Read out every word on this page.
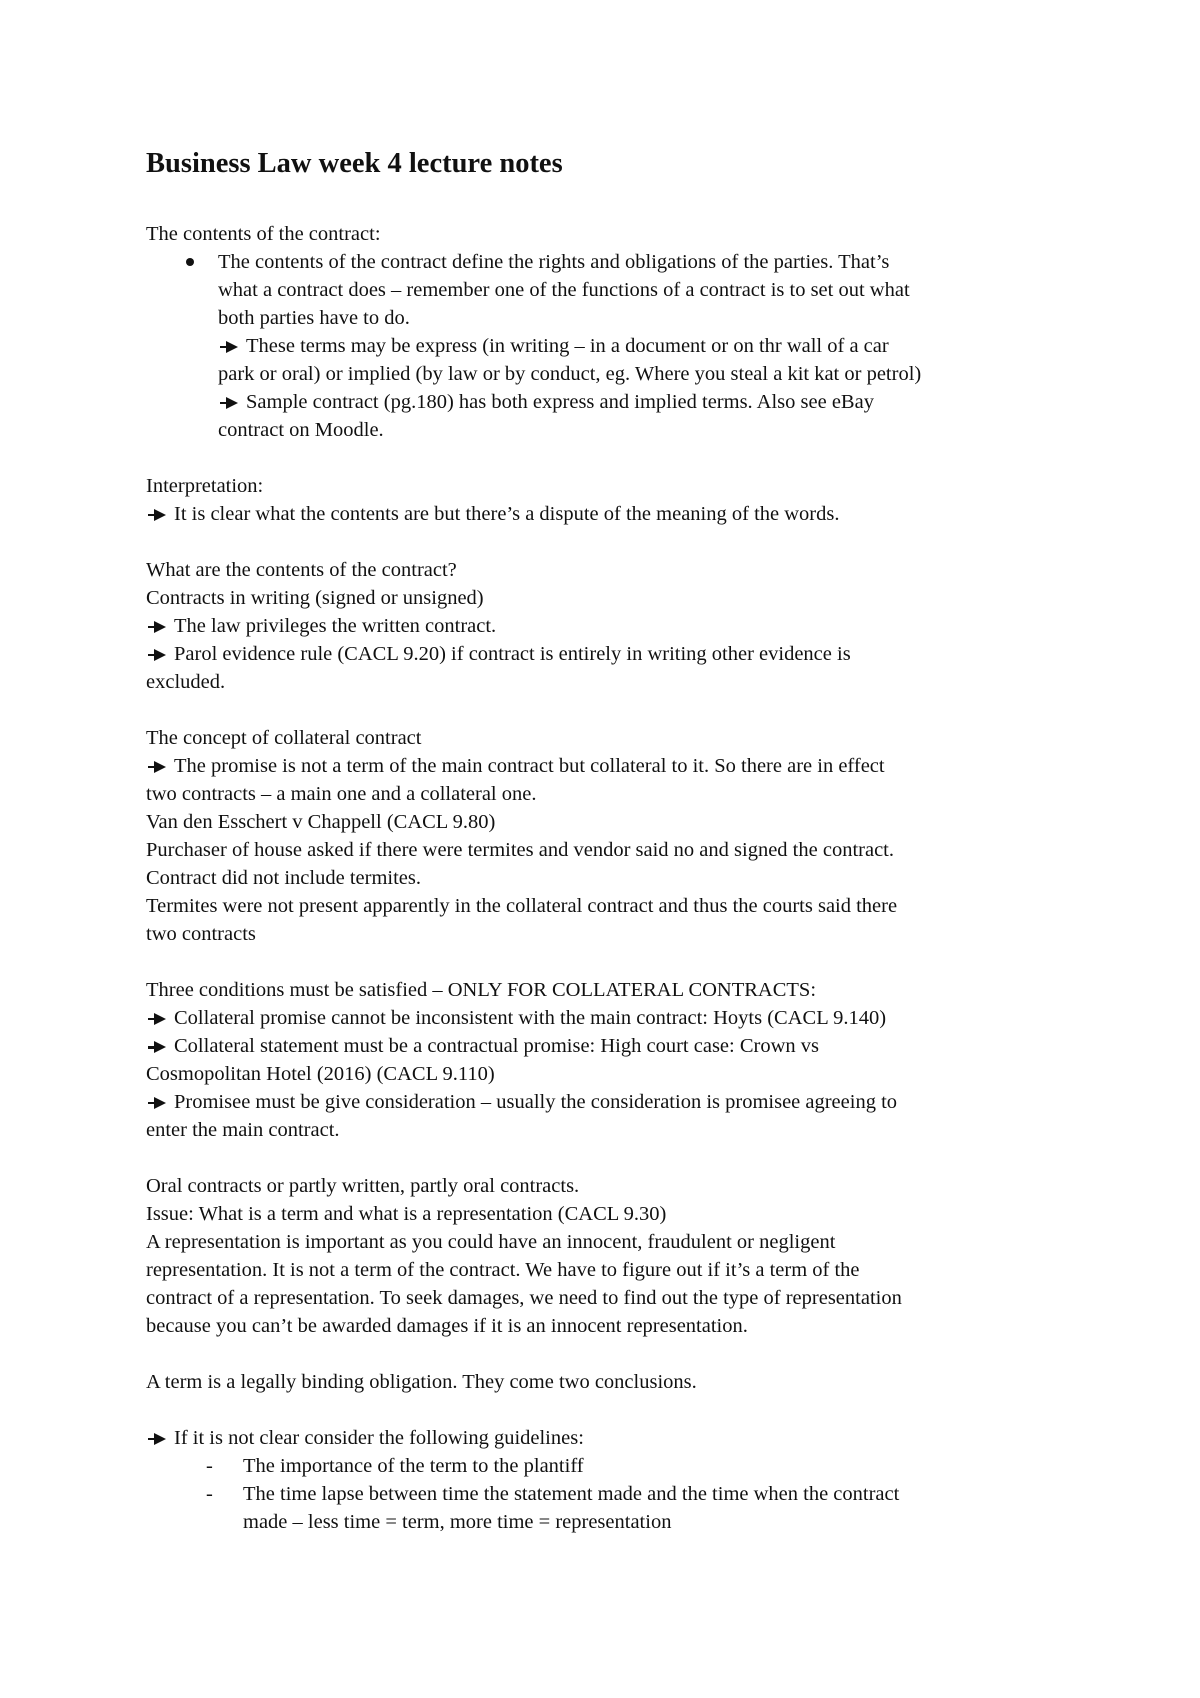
Business Law week 4 lecture notes
The contents of the contract:
The contents of the contract define the rights and obligations of the parties. That’s
what a contract does – remember one of the functions of a contract is to set out what
both parties have to do.
These terms may be express (in writing – in a document or on thr wall of a car
park or oral) or implied (by law or by conduct, eg. Where you steal a kit kat or petrol)
Sample contract (pg.180) has both express and implied terms. Also see eBay
contract on Moodle.
Interpretation:
It is clear what the contents are but there’s a dispute of the meaning of the words.
What are the contents of the contract?
Contracts in writing (signed or unsigned)
The law privileges the written contract.
Parol evidence rule (CACL 9.20) if contract is entirely in writing other evidence is
excluded.
The concept of collateral contract
The promise is not a term of the main contract but collateral to it. So there are in effect
two contracts – a main one and a collateral one.
Van den Esschert v Chappell (CACL 9.80)
Purchaser of house asked if there were termites and vendor said no and signed the contract.
Contract did not include termites.
Termites were not present apparently in the collateral contract and thus the courts said there
two contracts
Three conditions must be satisfied – ONLY FOR COLLATERAL CONTRACTS:
Collateral promise cannot be inconsistent with the main contract: Hoyts (CACL 9.140)
Collateral statement must be a contractual promise: High court case: Crown vs
Cosmopolitan Hotel (2016) (CACL 9.110)
Promisee must be give consideration – usually the consideration is promisee agreeing to
enter the main contract.
Oral contracts or partly written, partly oral contracts.
Issue: What is a term and what is a representation (CACL 9.30)
A representation is important as you could have an innocent, fraudulent or negligent
representation. It is not a term of the contract. We have to figure out if it’s a term of the
contract of a representation. To seek damages, we need to find out the type of representation
because you can’t be awarded damages if it is an innocent representation.
A term is a legally binding obligation. They come two conclusions.
If it is not clear consider the following guidelines:
- The importance of the term to the plantiff
- The time lapse between time the statement made and the time when the contract
made – less time = term, more time = representation
